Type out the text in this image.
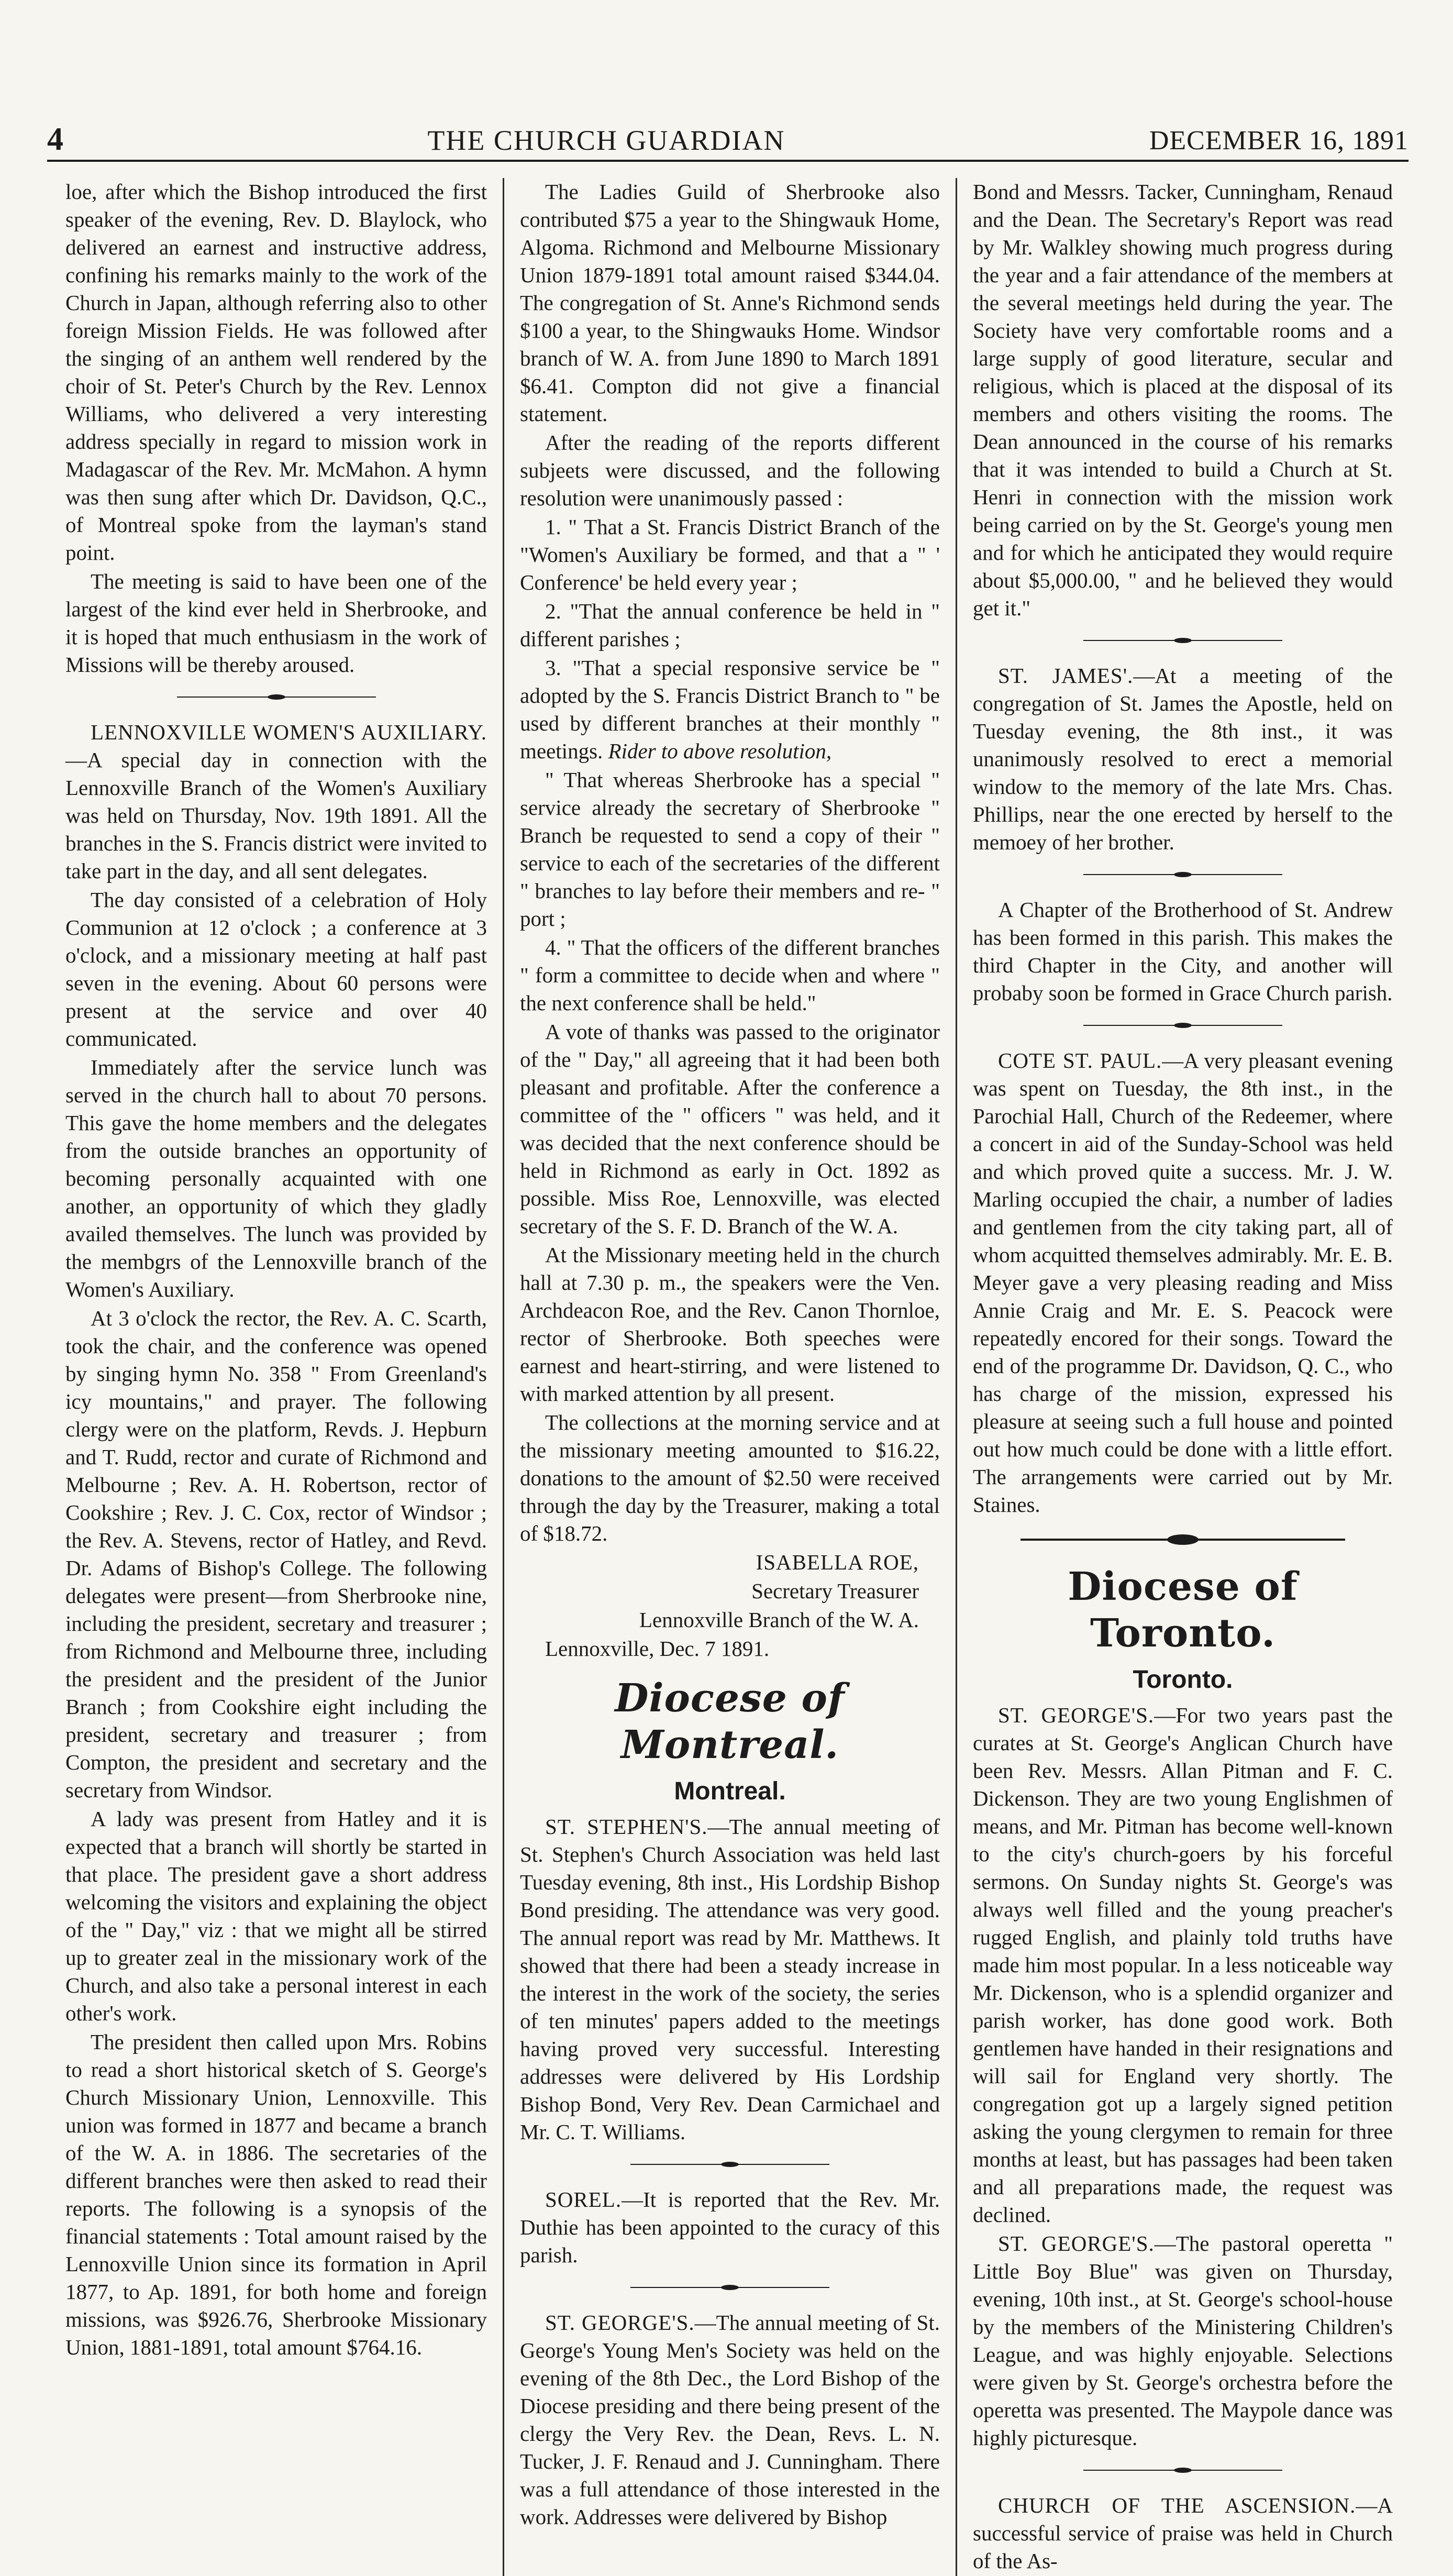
4	THE CHURCH GUARDIAN	DECEMBER 16, 1891

loe, after which the Bishop introduced the first speaker of the evening, Rev. D. Blaylock, who delivered an earnest and instructive address, confining his remarks mainly to the work of the Church in Japan, although referring also to other foreign Mission Fields. He was followed after the singing of an anthem well rendered by the choir of St. Peter's Church by the Rev. Lennox Williams, who delivered a very interesting address specially in regard to mission work in Madagascar of the Rev. Mr. McMahon. A hymn was then sung after which Dr. Davidson, Q.C., of Montreal spoke from the layman's stand point.

The meeting is said to have been one of the largest of the kind ever held in Sherbrooke, and it is hoped that much enthusiasm in the work of Missions will be thereby aroused.

LENNOXVILLE WOMEN'S AUXILIARY.—A special day in connection with the Lennoxville Branch of the Women's Auxiliary was held on Thursday, Nov. 19th 1891. All the branches in the S. Francis district were invited to take part in the day, and all sent delegates.

The day consisted of a celebration of Holy Communion at 12 o'clock ; a conference at 3 o'clock, and a missionary meeting at half past seven in the evening. About 60 persons were present at the service and over 40 communicated.

Immediately after the service lunch was served in the church hall to about 70 persons. This gave the home members and the delegates from the outside branches an opportunity of becoming personally acquainted with one another, an opportunity of which they gladly availed themselves. The lunch was provided by the membgrs of the Lennoxville branch of the Women's Auxiliary.

At 3 o'clock the rector, the Rev. A. C. Scarth, took the chair, and the conference was opened by singing hymn No. 358 " From Greenland's icy mountains," and prayer. The following clergy were on the platform, Revds. J. Hepburn and T. Rudd, rector and curate of Richmond and Melbourne ; Rev. A. H. Robertson, rector of Cookshire ; Rev. J. C. Cox, rector of Windsor ; the Rev. A. Stevens, rector of Hatley, and Revd. Dr. Adams of Bishop's College. The following delegates were present—from Sherbrooke nine, including the president, secretary and treasurer ; from Richmond and Melbourne three, including the president and the president of the Junior Branch ; from Cookshire eight including the president, secretary and treasurer ; from Compton, the president and secretary and the secretary from Windsor.

A lady was present from Hatley and it is expected that a branch will shortly be started in that place. The president gave a short address welcoming the visitors and explaining the object of the " Day," viz : that we might all be stirred up to greater zeal in the missionary work of the Church, and also take a personal interest in each other's work.

The president then called upon Mrs. Robins to read a short historical sketch of S. George's Church Missionary Union, Lennoxville. This union was formed in 1877 and became a branch of the W. A. in 1886. The secretaries of the different branches were then asked to read their reports. The following is a synopsis of the financial statements : Total amount raised by the Lennoxville Union since its formation in April 1877, to Ap. 1891, for both home and foreign missions, was $926.76, Sherbrooke Missionary Union, 1881-1891, total amount $764.16.

The Ladies Guild of Sherbrooke also contributed $75 a year to the Shingwauk Home, Algoma. Richmond and Melbourne Missionary Union 1879-1891 total amount raised $344.04. The congregation of St. Anne's Richmond sends $100 a year, to the Shingwauks Home. Windsor branch of W. A. from June 1890 to March 1891 $6.41. Compton did not give a financial statement.

After the reading of the reports different subjeets were discussed, and the following resolution were unanimously passed :

1. " That a St. Francis District Branch of the "Women's Auxiliary be formed, and that a " ' Conference' be held every year ;

2. "That the annual conference be held in " different parishes ;

3. "That a special responsive service be " adopted by the S. Francis District Branch to " be used by different branches at their monthly " meetings. Rider to above resolution,

" That whereas Sherbrooke has a special " service already the secretary of Sherbrooke " Branch be requested to send a copy of their " service to each of the secretaries of the different " branches to lay before their members and re- " port ;

4. " That the officers of the different branches " form a committee to decide when and where " the next conference shall be held."

A vote of thanks was passed to the originator of the " Day," all agreeing that it had been both pleasant and profitable. After the conference a committee of the " officers " was held, and it was decided that the next conference should be held in Richmond as early in Oct. 1892 as possible. Miss Roe, Lennoxville, was elected secretary of the S. F. D. Branch of the W. A.

At the Missionary meeting held in the church hall at 7.30 p. m., the speakers were the Ven. Archdeacon Roe, and the Rev. Canon Thornloe, rector of Sherbrooke. Both speeches were earnest and heart-stirring, and were listened to with marked attention by all present.

The collections at the morning service and at the missionary meeting amounted to $16.22, donations to the amount of $2.50 were received through the day by the Treasurer, making a total of $18.72.

ISABELLA ROE,

Secretary Treasurer

Lennoxville Branch of the W. A.

Lennoxville, Dec. 7 1891.

Diocese of Montreal.
Montreal.

ST. STEPHEN'S.—The annual meeting of St. Stephen's Church Association was held last Tuesday evening, 8th inst., His Lordship Bishop Bond presiding. The attendance was very good. The annual report was read by Mr. Matthews. It showed that there had been a steady increase in the interest in the work of the society, the series of ten minutes' papers added to the meetings having proved very successful. Interesting addresses were delivered by His Lordship Bishop Bond, Very Rev. Dean Carmichael and Mr. C. T. Williams.

SOREL.—It is reported that the Rev. Mr. Duthie has been appointed to the curacy of this parish.

ST. GEORGE'S.—The annual meeting of St. George's Young Men's Society was held on the evening of the 8th Dec., the Lord Bishop of the Diocese presiding and there being present of the clergy the Very Rev. the Dean, Revs. L. N. Tucker, J. F. Renaud and J. Cunningham. There was a full attendance of those interested in the work. Addresses were delivered by Bishop

Bond and Messrs. Tacker, Cunningham, Renaud and the Dean. The Secretary's Report was read by Mr. Walkley showing much progress during the year and a fair attendance of the members at the several meetings held during the year. The Society have very comfortable rooms and a large supply of good literature, secular and religious, which is placed at the disposal of its members and others visiting the rooms. The Dean announced in the course of his remarks that it was intended to build a Church at St. Henri in connection with the mission work being carried on by the St. George's young men and for which he anticipated they would require about $5,000.00, " and he believed they would get it."

ST. JAMES'.—At a meeting of the congregation of St. James the Apostle, held on Tuesday evening, the 8th inst., it was unanimously resolved to erect a memorial window to the memory of the late Mrs. Chas. Phillips, near the one erected by herself to the memoey of her brother.

A Chapter of the Brotherhood of St. Andrew has been formed in this parish. This makes the third Chapter in the City, and another will probaby soon be formed in Grace Church parish.

COTE ST. PAUL.—A very pleasant evening was spent on Tuesday, the 8th inst., in the Parochial Hall, Church of the Redeemer, where a concert in aid of the Sunday-School was held and which proved quite a success. Mr. J. W. Marling occupied the chair, a number of ladies and gentlemen from the city taking part, all of whom acquitted themselves admirably. Mr. E. B. Meyer gave a very pleasing reading and Miss Annie Craig and Mr. E. S. Peacock were repeatedly encored for their songs. Toward the end of the programme Dr. Davidson, Q. C., who has charge of the mission, expressed his pleasure at seeing such a full house and pointed out how much could be done with a little effort. The arrangements were carried out by Mr. Staines.

Diocese of Toronto.
Toronto.

ST. GEORGE'S.—For two years past the curates at St. George's Anglican Church have been Rev. Messrs. Allan Pitman and F. C. Dickenson. They are two young Englishmen of means, and Mr. Pitman has become well-known to the city's church-goers by his forceful sermons. On Sunday nights St. George's was always well filled and the young preacher's rugged English, and plainly told truths have made him most popular. In a less noticeable way Mr. Dickenson, who is a splendid organizer and parish worker, has done good work. Both gentlemen have handed in their resignations and will sail for England very shortly. The congregation got up a largely signed petition asking the young clergymen to remain for three months at least, but has passages had been taken and all preparations made, the request was declined.

ST. GEORGE'S.—The pastoral operetta " Little Boy Blue" was given on Thursday, evening, 10th inst., at St. George's school-house by the members of the Ministering Children's League, and was highly enjoyable. Selections were given by St. George's orchestra before the operetta was presented. The Maypole dance was highly picturesque.

CHURCH OF THE ASCENSION.—A successful service of praise was held in Church of the As-
